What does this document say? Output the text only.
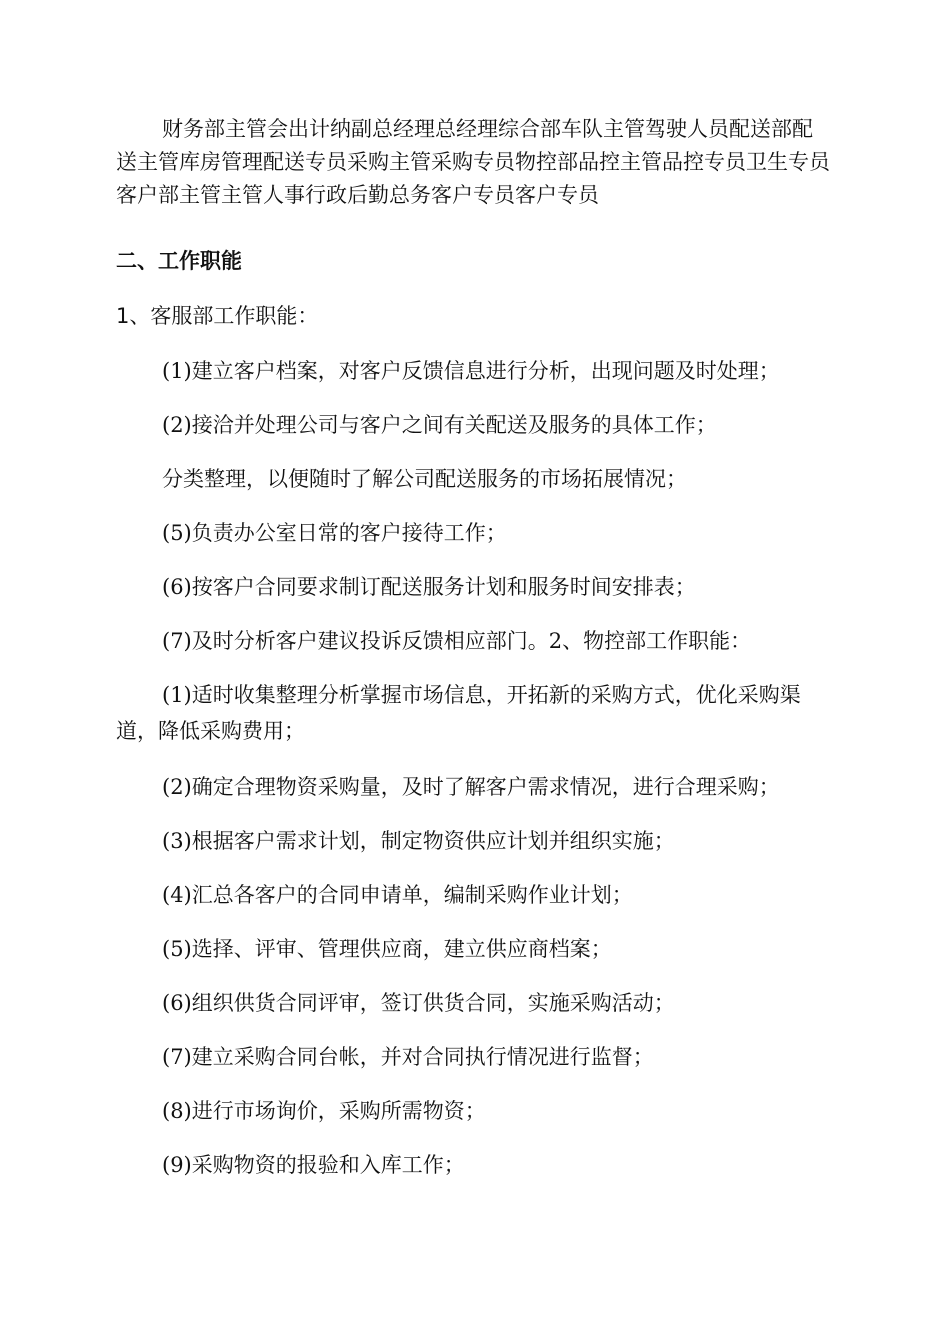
财务部主管会出计纳副总经理总经理综合部车队主管驾驶人员配送部配送主管库房管理配送专员采购主管采购专员物控部品控主管品控专员卫生专员客户部主管主管人事行政后勤总务客户专员客户专员

二、工作职能

1、客服部工作职能：

(1)建立客户档案，对客户反馈信息进行分析，出现问题及时处理；

(2)接洽并处理公司与客户之间有关配送及服务的具体工作；

分类整理，以便随时了解公司配送服务的市场拓展情况；

(5)负责办公室日常的客户接待工作；

(6)按客户合同要求制订配送服务计划和服务时间安排表；

(7)及时分析客户建议投诉反馈相应部门。2、物控部工作职能：

(1)适时收集整理分析掌握市场信息，开拓新的采购方式，优化采购渠道，降低采购费用；

(2)确定合理物资采购量，及时了解客户需求情况，进行合理采购；

(3)根据客户需求计划，制定物资供应计划并组织实施；

(4)汇总各客户的合同申请单，编制采购作业计划；

(5)选择、评审、管理供应商，建立供应商档案；

(6)组织供货合同评审，签订供货合同，实施采购活动；

(7)建立采购合同台帐，并对合同执行情况进行监督；

(8)进行市场询价，采购所需物资；

(9)采购物资的报验和入库工作；
